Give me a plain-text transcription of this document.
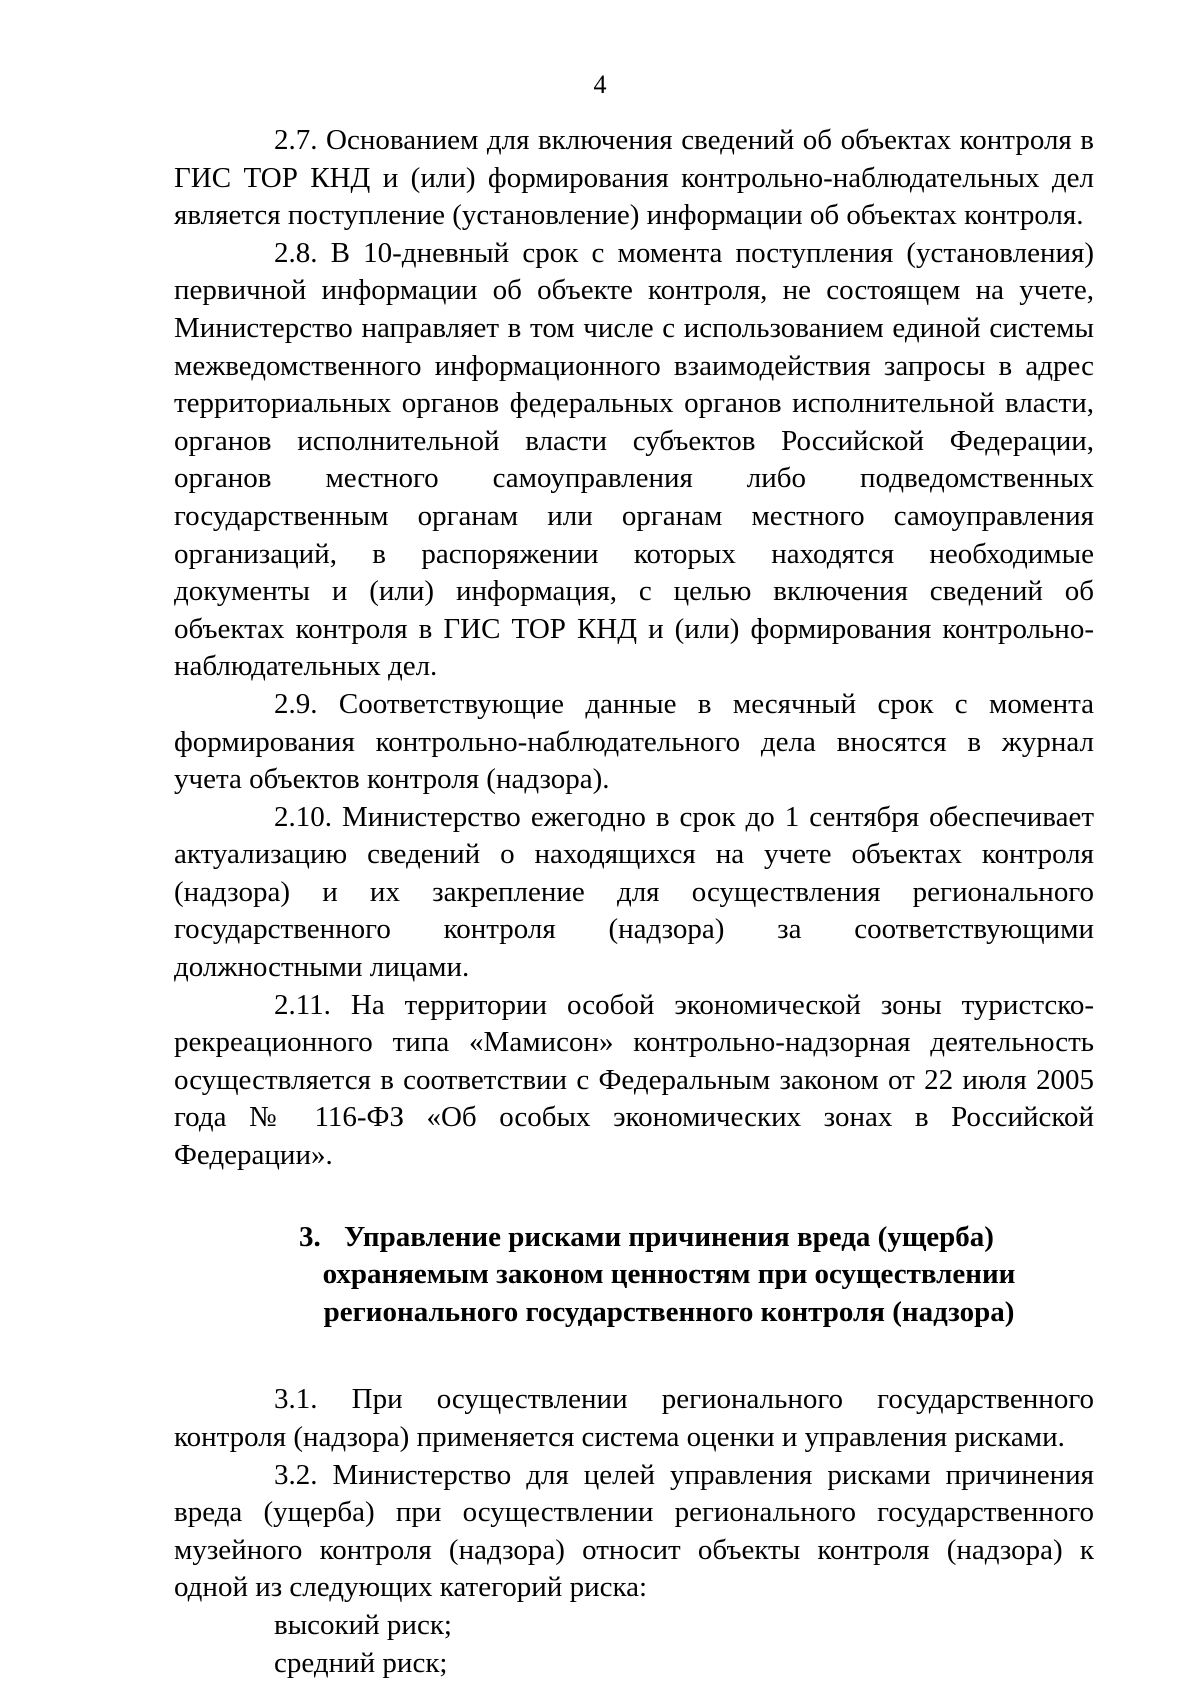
4

2.7. Основанием для включения сведений об объектах контроля в ГИС ТОР КНД и (или) формирования контрольно-наблюдательных дел является поступление (установление) информации об объектах контроля.

2.8. В 10-дневный срок с момента поступления (установления) первичной информации об объекте контроля, не состоящем на учете, Министерство направляет в том числе с использованием единой системы межведомственного информационного взаимодействия запросы в адрес территориальных органов федеральных органов исполнительной власти, органов исполнительной власти субъектов Российской Федерации, органов местного самоуправления либо подведомственных государственным органам или органам местного самоуправления организаций, в распоряжении которых находятся необходимые документы и (или) информация, с целью включения сведений об объектах контроля в ГИС ТОР КНД и (или) формирования контрольно-наблюдательных дел.

2.9. Соответствующие данные в месячный срок с момента формирования контрольно-наблюдательного дела вносятся в журнал учета объектов контроля (надзора).

2.10. Министерство ежегодно в срок до 1 сентября обеспечивает актуализацию сведений о находящихся на учете объектах контроля (надзора) и их закрепление для осуществления регионального государственного контроля (надзора) за соответствующими должностными лицами.

2.11. На территории особой экономической зоны туристско-рекреационного типа «Мамисон» контрольно-надзорная деятельность осуществляется в соответствии с Федеральным законом от 22 июля 2005 года № 116-ФЗ «Об особых экономических зонах в Российской Федерации».

3. Управление рисками причинения вреда (ущерба) охраняемым законом ценностям при осуществлении регионального государственного контроля (надзора)

3.1. При осуществлении регионального государственного контроля (надзора) применяется система оценки и управления рисками.

3.2. Министерство для целей управления рисками причинения вреда (ущерба) при осуществлении регионального государственного музейного контроля (надзора) относит объекты контроля (надзора) к одной из следующих категорий риска:

высокий риск;

средний риск;
